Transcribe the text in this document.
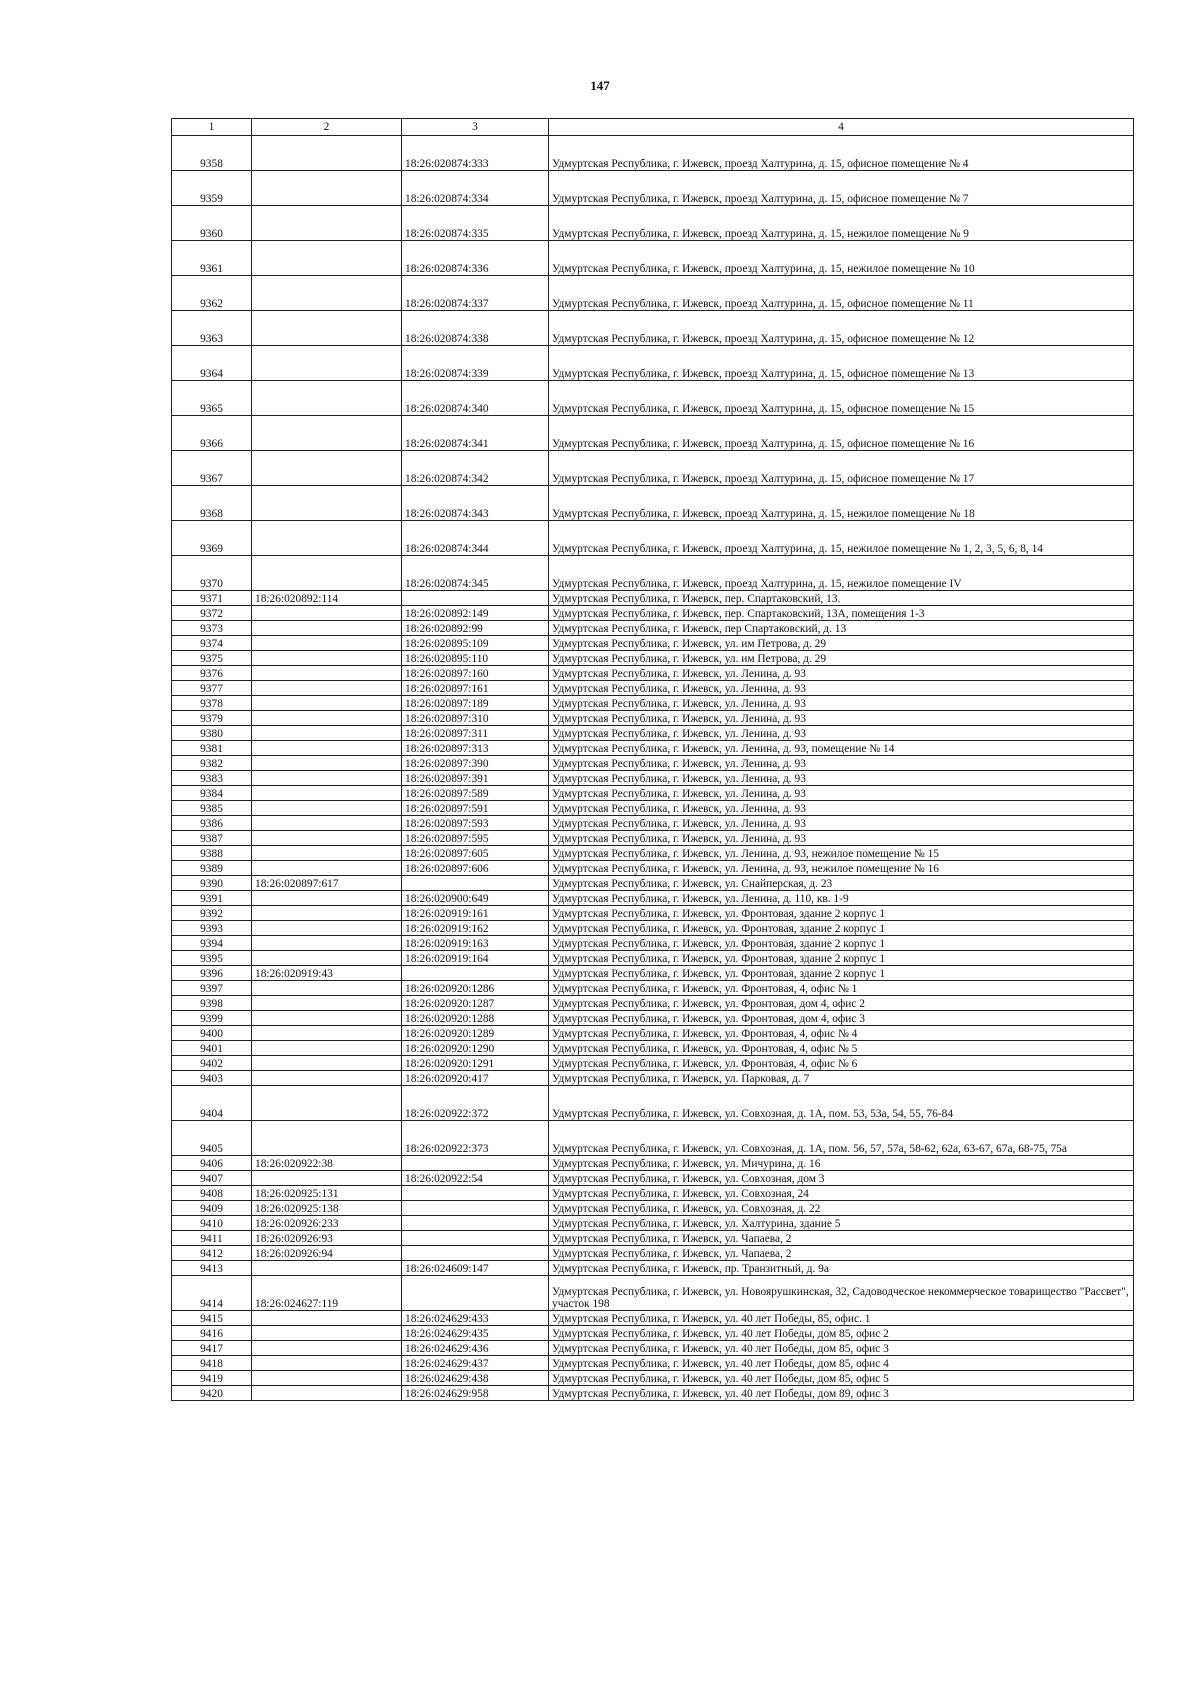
147
1	2	3	4
9358		18:26:020874:333	Удмуртская Республика, г. Ижевск, проезд Халтурина, д. 15, офисное помещение № 4
9359		18:26:020874:334	Удмуртская Республика, г. Ижевск, проезд Халтурина, д. 15, офисное помещение № 7
9360		18:26:020874:335	Удмуртская Республика, г. Ижевск, проезд Халтурина, д. 15, нежилое помещение № 9
9361		18:26:020874:336	Удмуртская Республика, г. Ижевск, проезд Халтурина, д. 15, нежилое помещение № 10
9362		18:26:020874:337	Удмуртская Республика, г. Ижевск, проезд Халтурина, д. 15, офисное помещение № 11
9363		18:26:020874:338	Удмуртская Республика, г. Ижевск, проезд Халтурина, д. 15, офисное помещение № 12
9364		18:26:020874:339	Удмуртская Республика, г. Ижевск, проезд Халтурина, д. 15, офисное помещение № 13
9365		18:26:020874:340	Удмуртская Республика, г. Ижевск, проезд Халтурина, д. 15, офисное помещение № 15
9366		18:26:020874:341	Удмуртская Республика, г. Ижевск, проезд Халтурина, д. 15, офисное помещение № 16
9367		18:26:020874:342	Удмуртская Республика, г. Ижевск, проезд Халтурина, д. 15, офисное помещение № 17
9368		18:26:020874:343	Удмуртская Республика, г. Ижевск, проезд Халтурина, д. 15, нежилое помещение № 18
9369		18:26:020874:344	Удмуртская Республика, г. Ижевск, проезд Халтурина, д. 15, нежилое помещение № 1, 2, 3, 5, 6, 8, 14
9370		18:26:020874:345	Удмуртская Республика, г. Ижевск, проезд Халтурина, д. 15, нежилое помещение IV
9371	18:26:020892:114		Удмуртская Республика, г. Ижевск, пер. Спартаковский, 13.
9372		18:26:020892:149	Удмуртская Республика, г. Ижевск, пер. Спартаковский, 13А, помещения 1-3
9373		18:26:020892:99	Удмуртская Республика, г. Ижевск, пер Спартаковский, д. 13
9374		18:26:020895:109	Удмуртская Республика, г. Ижевск, ул. им Петрова, д. 29
9375		18:26:020895:110	Удмуртская Республика, г. Ижевск, ул. им Петрова, д. 29
9376		18:26:020897:160	Удмуртская Республика, г. Ижевск, ул. Ленина, д. 93
9377		18:26:020897:161	Удмуртская Республика, г. Ижевск, ул. Ленина, д. 93
9378		18:26:020897:189	Удмуртская Республика, г. Ижевск, ул. Ленина, д. 93
9379		18:26:020897:310	Удмуртская Республика, г. Ижевск, ул. Ленина, д. 93
9380		18:26:020897:311	Удмуртская Республика, г. Ижевск, ул. Ленина, д. 93
9381		18:26:020897:313	Удмуртская Республика, г. Ижевск, ул. Ленина, д. 93, помещение № 14
9382		18:26:020897:390	Удмуртская Республика, г. Ижевск, ул. Ленина, д. 93
9383		18:26:020897:391	Удмуртская Республика, г. Ижевск, ул. Ленина, д. 93
9384		18:26:020897:589	Удмуртская Республика, г. Ижевск, ул. Ленина, д. 93
9385		18:26:020897:591	Удмуртская Республика, г. Ижевск, ул. Ленина, д. 93
9386		18:26:020897:593	Удмуртская Республика, г. Ижевск, ул. Ленина, д. 93
9387		18:26:020897:595	Удмуртская Республика, г. Ижевск, ул. Ленина, д. 93
9388		18:26:020897:605	Удмуртская Республика, г. Ижевск, ул. Ленина, д. 93, нежилое помещение № 15
9389		18:26:020897:606	Удмуртская Республика, г. Ижевск, ул. Ленина, д. 93, нежилое помещение № 16
9390	18:26:020897:617		Удмуртская Республика, г. Ижевск, ул. Снайперская, д. 23
9391		18:26:020900:649	Удмуртская Республика, г. Ижевск, ул. Ленина, д. 110, кв. 1-9
9392		18:26:020919:161	Удмуртская Республика, г. Ижевск, ул. Фронтовая, здание 2 корпус 1
9393		18:26:020919:162	Удмуртская Республика, г. Ижевск, ул. Фронтовая, здание 2 корпус 1
9394		18:26:020919:163	Удмуртская Республика, г. Ижевск, ул. Фронтовая, здание 2 корпус 1
9395		18:26:020919:164	Удмуртская Республика, г. Ижевск, ул. Фронтовая, здание 2 корпус 1
9396	18:26:020919:43		Удмуртская Республика, г. Ижевск, ул. Фронтовая, здание 2 корпус 1
9397		18:26:020920:1286	Удмуртская Республика, г. Ижевск, ул. Фронтовая, 4, офис № 1
9398		18:26:020920:1287	Удмуртская Республика, г. Ижевск, ул. Фронтовая, дом 4, офис 2
9399		18:26:020920:1288	Удмуртская Республика, г. Ижевск, ул. Фронтовая, дом 4, офис 3
9400		18:26:020920:1289	Удмуртская Республика, г. Ижевск, ул. Фронтовая, 4, офис № 4
9401		18:26:020920:1290	Удмуртская Республика, г. Ижевск, ул. Фронтовая, 4, офис № 5
9402		18:26:020920:1291	Удмуртская Республика, г. Ижевск, ул. Фронтовая, 4, офис № 6
9403		18:26:020920:417	Удмуртская Республика, г. Ижевск, ул. Парковая, д. 7
9404		18:26:020922:372	Удмуртская Республика, г. Ижевск, ул. Совхозная, д. 1А, пом. 53, 53а, 54, 55, 76-84
9405		18:26:020922:373	Удмуртская Республика, г. Ижевск, ул. Совхозная, д. 1А, пом. 56, 57, 57а, 58-62, 62а, 63-67, 67а, 68-75, 75а
9406	18:26:020922:38		Удмуртская Республика, г. Ижевск, ул. Мичурина, д. 16
9407		18:26:020922:54	Удмуртская Республика, г. Ижевск, ул. Совхозная, дом 3
9408	18:26:020925:131		Удмуртская Республика, г. Ижевск, ул. Совхозная, 24
9409	18:26:020925:138		Удмуртская Республика, г. Ижевск, ул. Совхозная, д. 22
9410	18:26:020926:233		Удмуртская Республика, г. Ижевск, ул. Халтурина, здание 5
9411	18:26:020926:93		Удмуртская Республика, г. Ижевск, ул. Чапаева, 2
9412	18:26:020926:94		Удмуртская Республика, г. Ижевск, ул. Чапаева, 2
9413		18:26:024609:147	Удмуртская Республика, г. Ижевск, пр. Транзитный, д. 9а
9414	18:26:024627:119		Удмуртская Республика, г. Ижевск, ул. Новоярушкинская, 32, Садоводческое некоммерческое товарищество "Рассвет", участок 198
9415		18:26:024629:433	Удмуртская Республика, г. Ижевск, ул. 40 лет Победы, 85, офис. 1
9416		18:26:024629:435	Удмуртская Республика, г. Ижевск, ул. 40 лет Победы, дом 85, офис 2
9417		18:26:024629:436	Удмуртская Республика, г. Ижевск, ул. 40 лет Победы, дом 85, офис 3
9418		18:26:024629:437	Удмуртская Республика, г. Ижевск, ул. 40 лет Победы, дом 85, офис 4
9419		18:26:024629:438	Удмуртская Республика, г. Ижевск, ул. 40 лет Победы, дом 85, офис 5
9420		18:26:024629:958	Удмуртская Республика, г. Ижевск, ул. 40 лет Победы, дом 89, офис 3
